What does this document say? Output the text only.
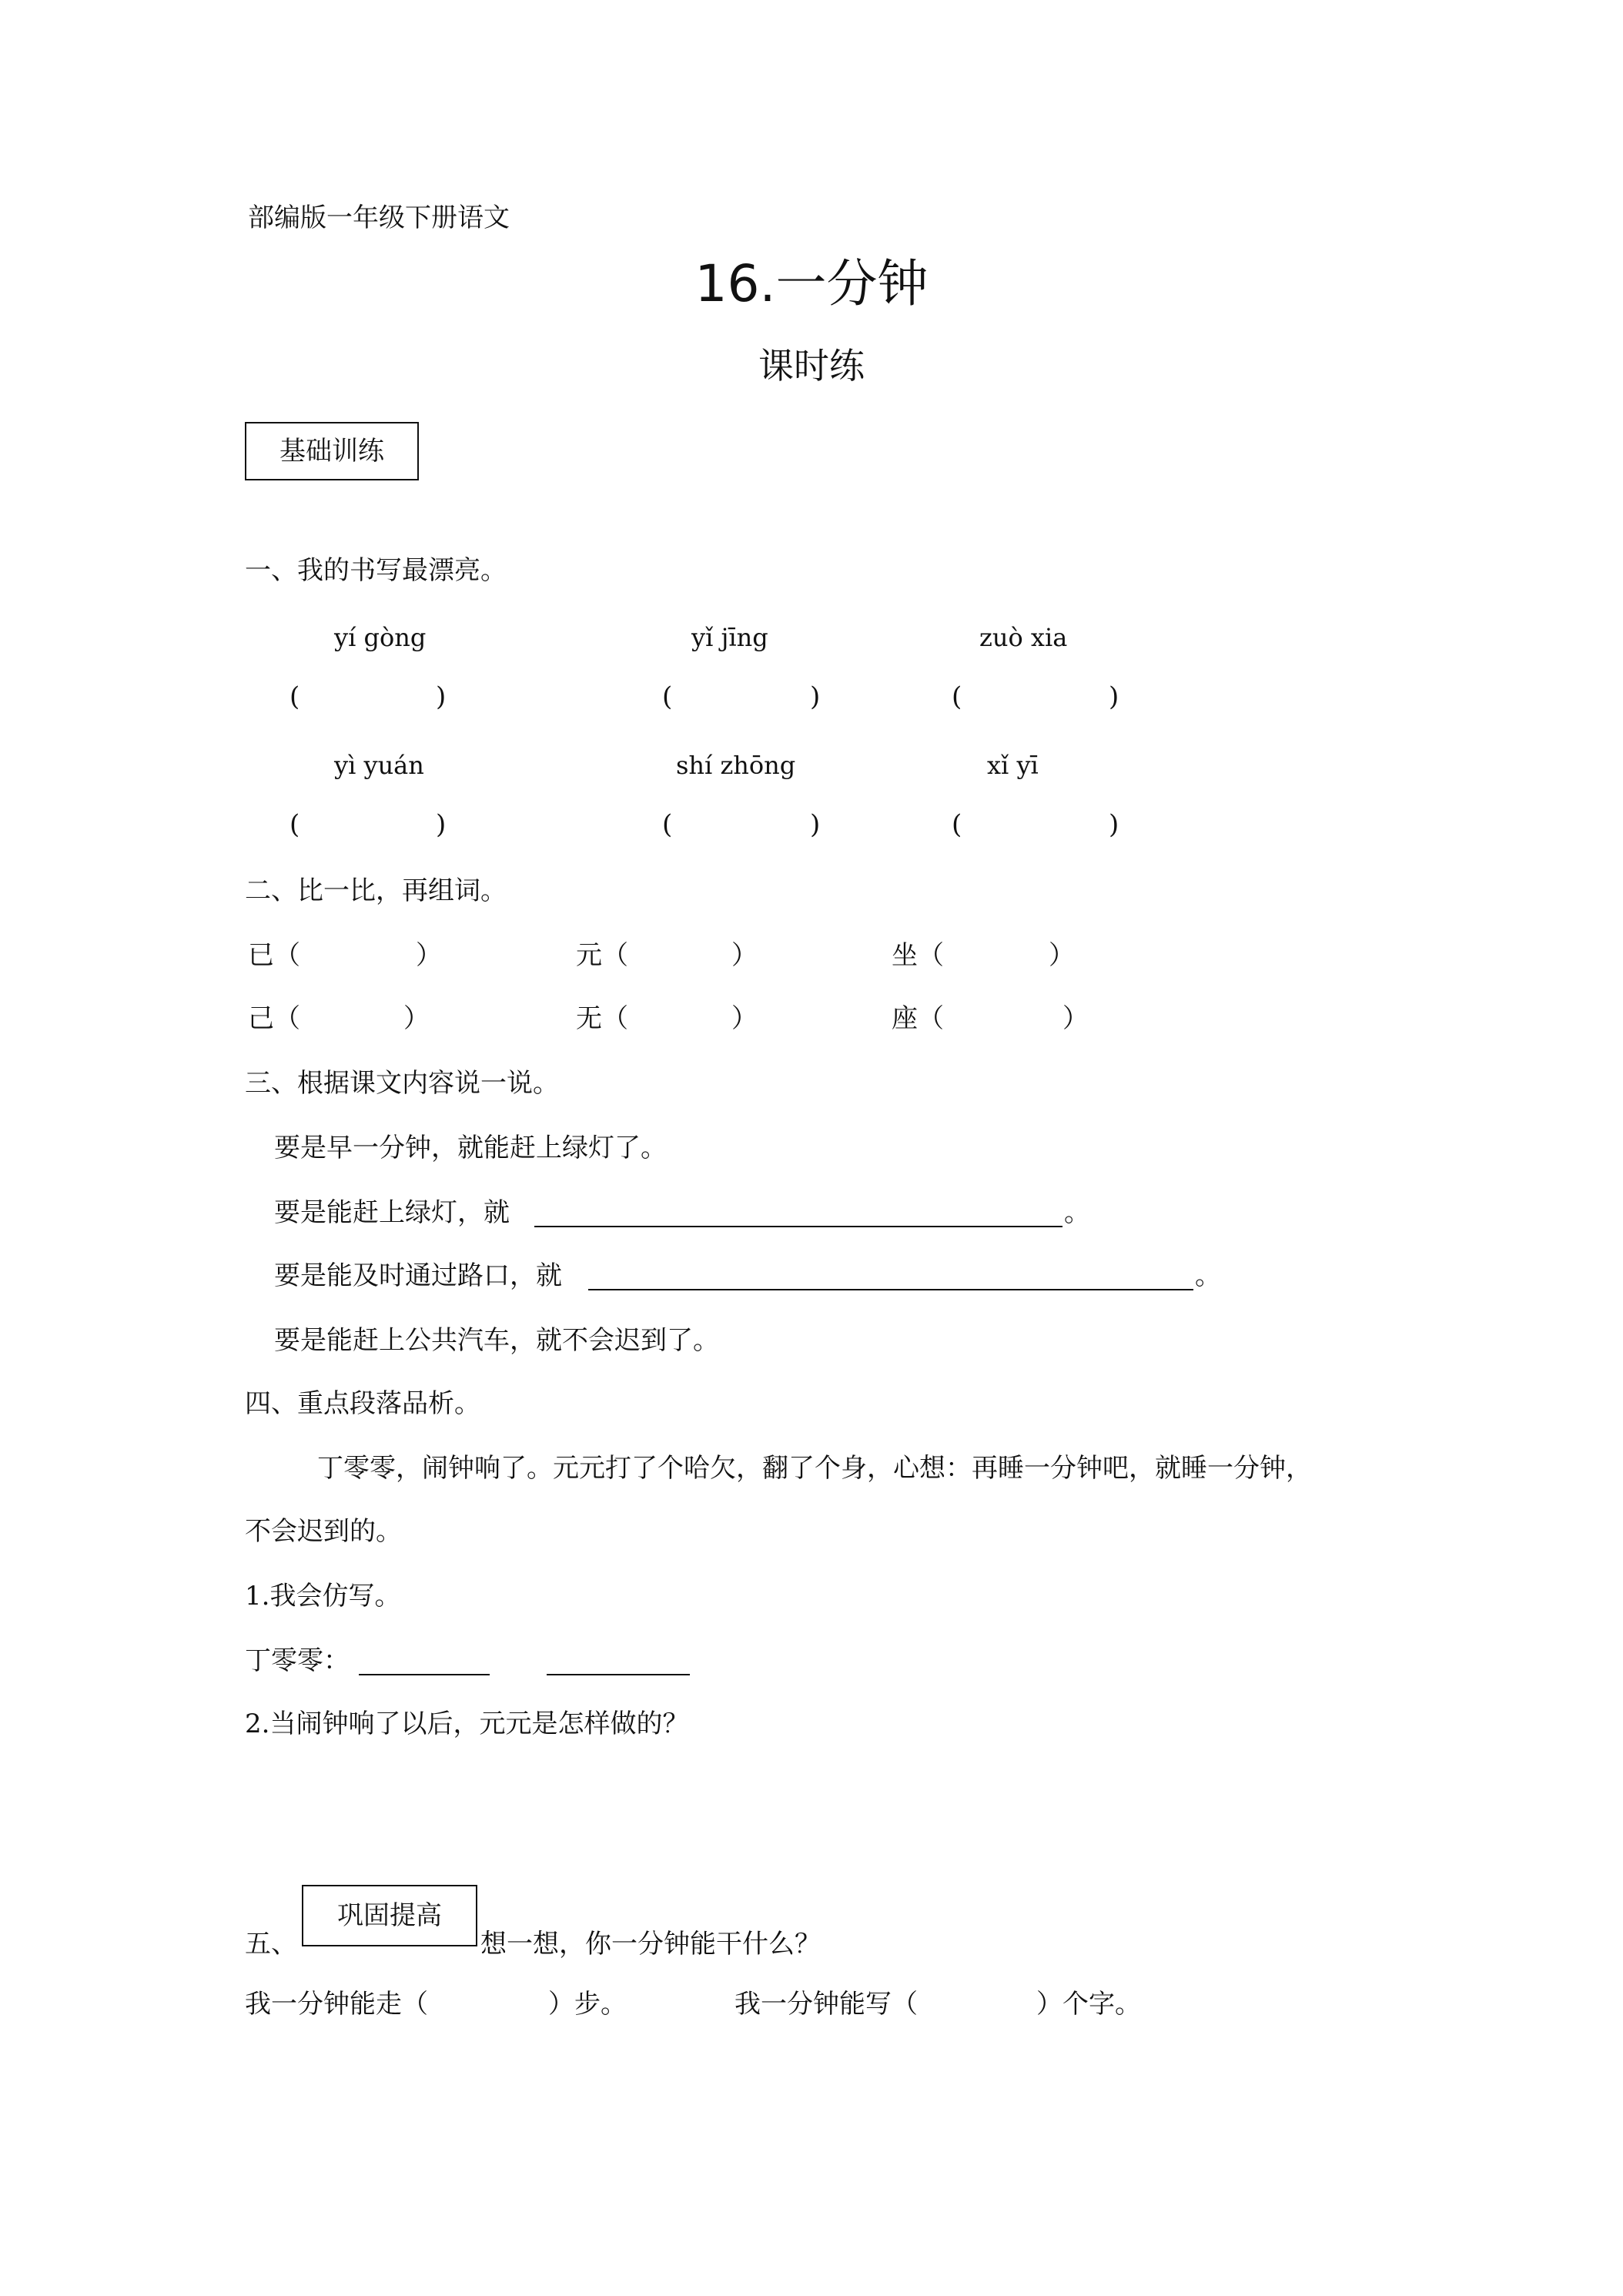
部编版一年级下册语文
16.一分钟
课时练
基础训练
一、我的书写最漂亮。
yí gòng	yǐ jīng	zuò xia
(	)	(	)	(	)
yì yuán	shí zhōng	xǐ yī
(	)	(	)	(	)
二、比一比，再组词。
已（	）	元（	）	坐（	）
己（	）	无（	）	座（	）
三、根据课文内容说一说。
要是早一分钟，就能赶上绿灯了。
要是能赶上绿灯，就	。
要是能及时通过路口，就	。
要是能赶上公共汽车，就不会迟到了。
四、重点段落品析。
丁零零，闹钟响了。元元打了个哈欠，翻了个身，心想：再睡一分钟吧，就睡一分钟，
不会迟到的。
1.我会仿写。
丁零零：
2.当闹钟响了以后，元元是怎样做的？
巩固提高
五、	想一想，你一分钟能干什么？
我一分钟能走（	）步。	我一分钟能写（	）个字。
